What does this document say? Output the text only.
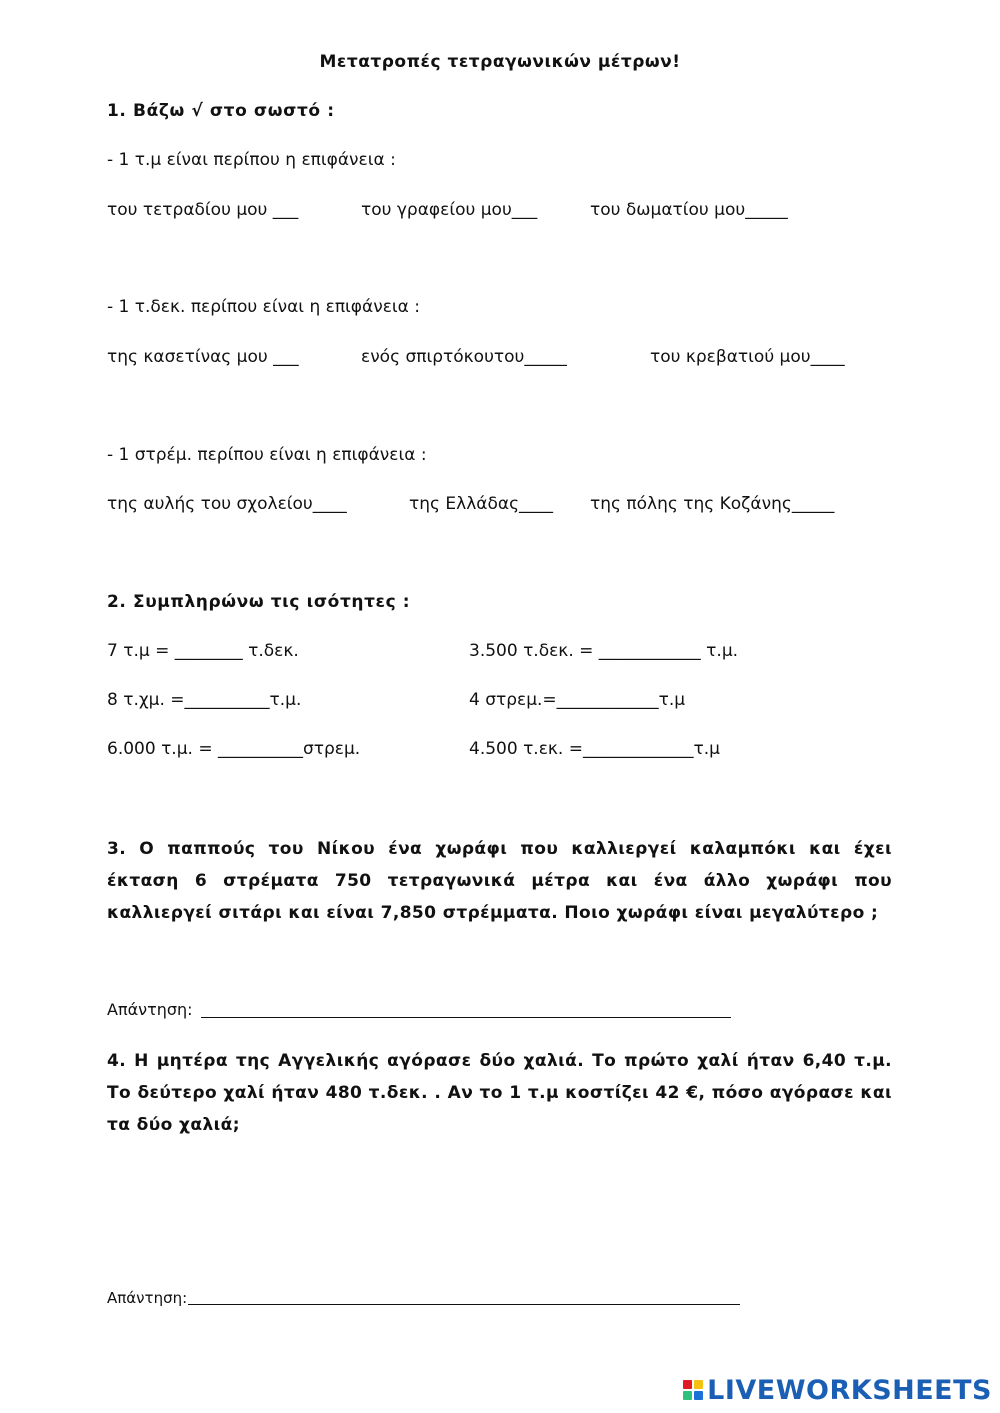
Μετατροπές τετραγωνικών μέτρων!
1. Βάζω √ στο σωστό :
- 1 τ.μ είναι περίπου η επιφάνεια :
του τετραδίου μου ___	του γραφείου μου___	του δωματίου μου_____
- 1 τ.δεκ. περίπου είναι η επιφάνεια :
της κασετίνας μου ___	ενός σπιρτόκουτου_____	του κρεβατιού μου____
- 1 στρέμ. περίπου είναι η επιφάνεια :
της αυλής του σχολείου____	της Ελλάδας____ της πόλης της Κοζάνης_____
2. Συμπληρώνω τις ισότητες :
7 τ.μ = ________ τ.δεκ.	3.500 τ.δεκ. = ____________ τ.μ.
8 τ.χμ. =__________τ.μ.	4 στρεμ.=____________τ.μ
6.000 τ.μ. = __________στρεμ.	4.500 τ.εκ. =_____________τ.μ
3. Ο παππούς του Νίκου ένα χωράφι που καλλιεργεί καλαμπόκι και έχει έκταση 6 στρέματα 750 τετραγωνικά μέτρα και ένα άλλο χωράφι που καλλιεργεί σιτάρι και είναι 7,850 στρέμματα. Ποιο χωράφι είναι μεγαλύτερο ;
Απάντηση:
4. Η μητέρα της Αγγελικής αγόρασε δύο χαλιά. Το πρώτο χαλί ήταν 6,40 τ.μ. Το δεύτερο χαλί ήταν 480 τ.δεκ. . Αν το 1 τ.μ κοστίζει 42 €, πόσο αγόρασε και τα δύο χαλιά;
Απάντηση:
LIVEWORKSHEETS
